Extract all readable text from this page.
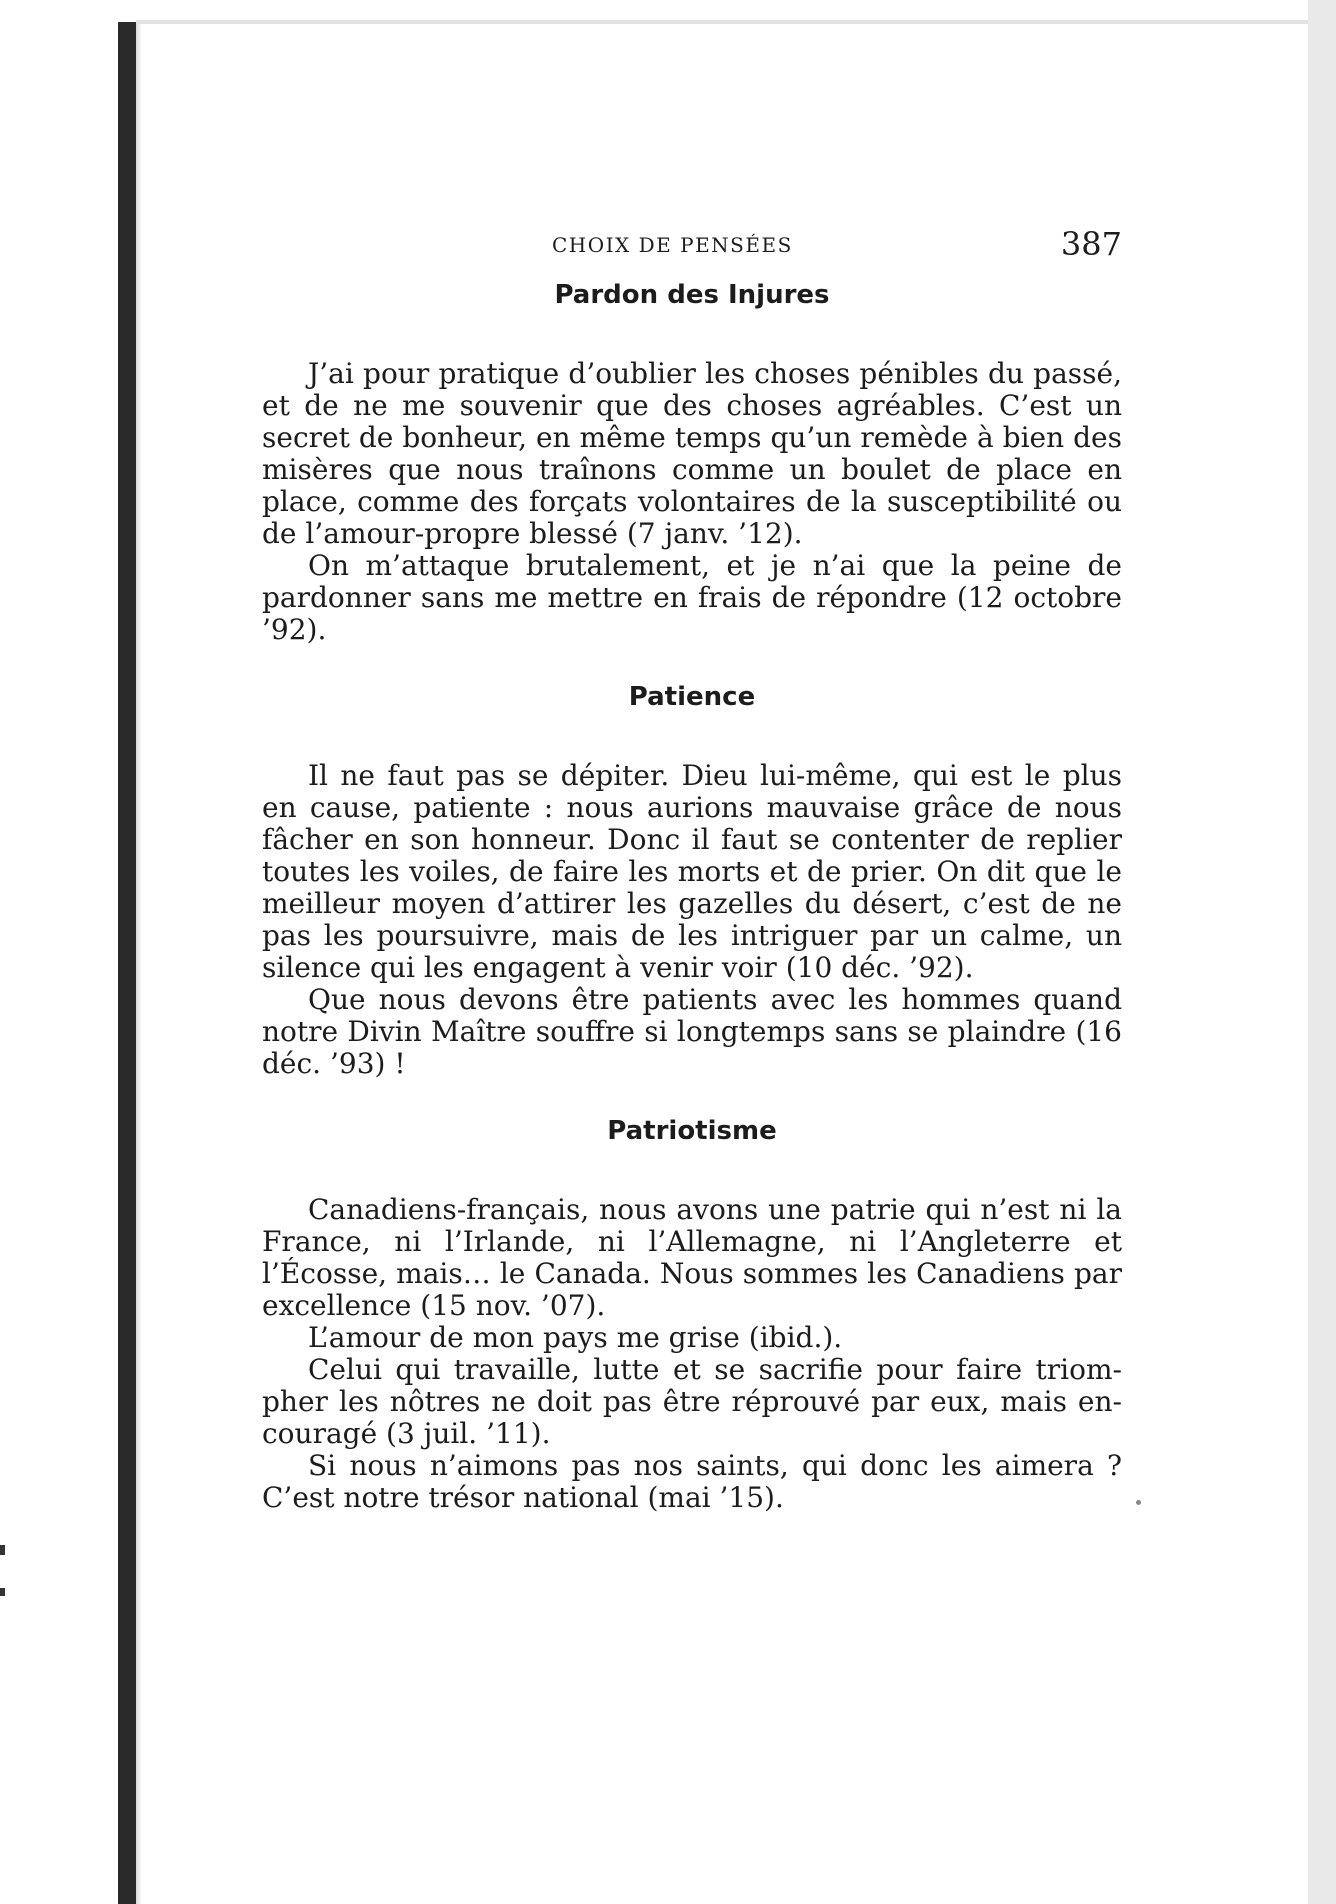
CHOIX DE PENSÉES	387
Pardon des Injures

J’ai pour pratique d’oublier les choses pénibles du passé, et de ne me souvenir que des choses agréables. C’est un secret de bonheur, en même temps qu’un remède à bien des misères que nous traînons comme un boulet de place en place, comme des forçats volontaires de la susceptibilité ou de l’amour-propre blessé (7 janv. ’12).

On m’attaque brutalement, et je n’ai que la peine de pardonner sans me mettre en frais de répondre (12 octobre ’92).

Patience

Il ne faut pas se dépiter. Dieu lui-même, qui est le plus en cause, patiente : nous aurions mauvaise grâce de nous fâcher en son honneur. Donc il faut se contenter de replier toutes les voiles, de faire les morts et de prier. On dit que le meilleur moyen d’attirer les gazelles du désert, c’est de ne pas les poursuivre, mais de les intriguer par un calme, un silence qui les engagent à venir voir (10 déc. ’92).

Que nous devons être patients avec les hommes quand notre Divin Maître souffre si longtemps sans se plaindre (16 déc. ’93) !

Patriotisme

Canadiens-français, nous avons une patrie qui n’est ni la France, ni l’Irlande, ni l’Allemagne, ni l’Angleterre et l’Écosse, mais… le Canada. Nous sommes les Canadiens par excellence (15 nov. ’07).

L’amour de mon pays me grise (ibid.).

Celui qui travaille, lutte et se sacrifie pour faire triompher les nôtres ne doit pas être réprouvé par eux, mais encouragé (3 juil. ’11).

Si nous n’aimons pas nos saints, qui donc les aimera ? C’est notre trésor national (mai ’15).
